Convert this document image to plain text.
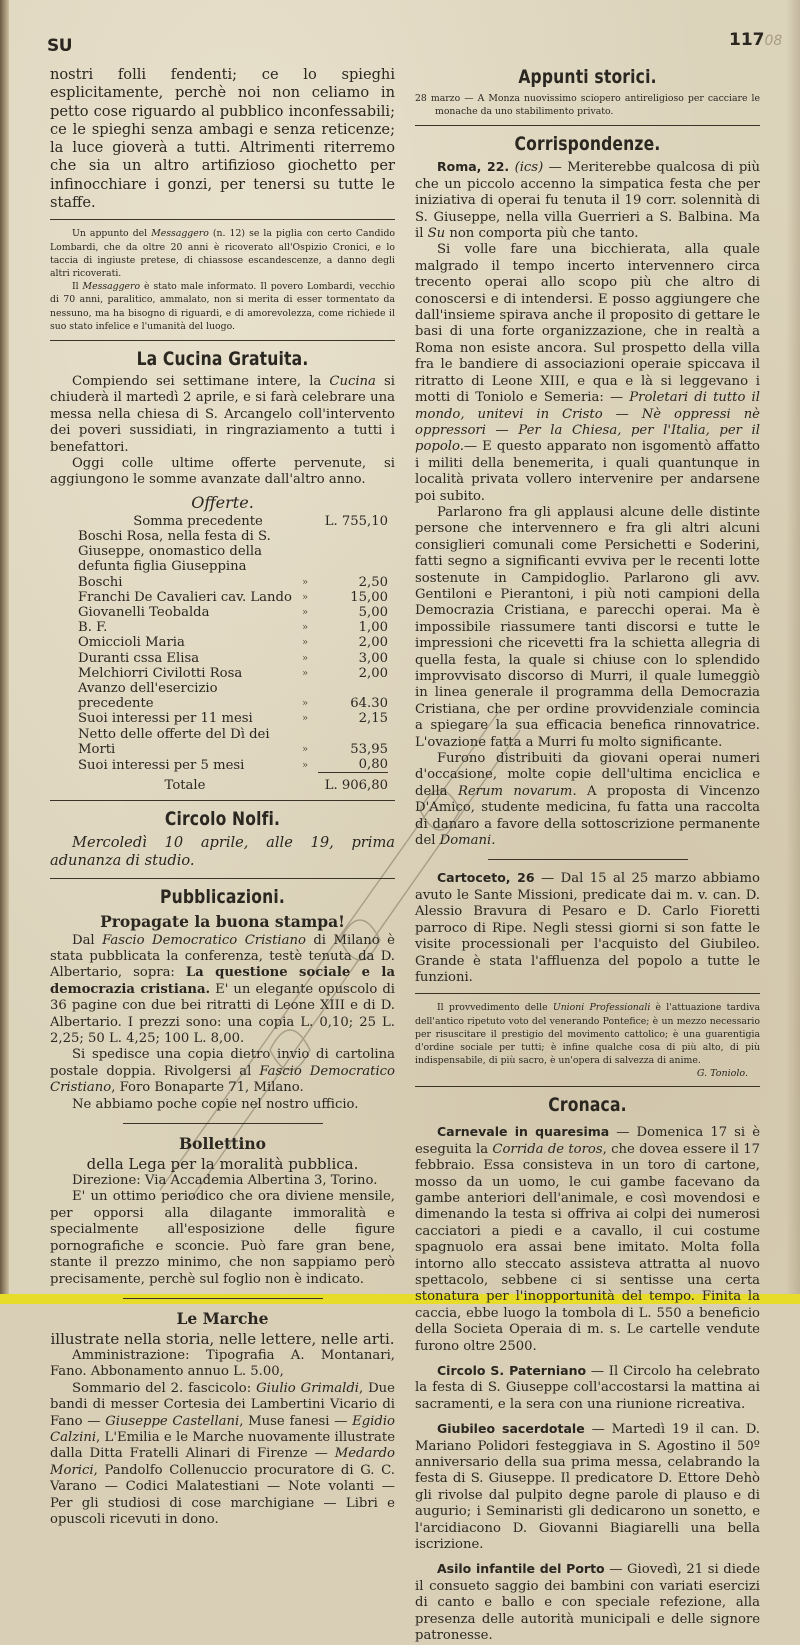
SU	11708

nostri folli fendenti; ce lo spieghi esplicitamente, perchè noi non celiamo in petto cose riguardo al pubblico inconfessabili; ce le spieghi senza ambagi e senza reticenze; la luce gioverà a tutti. Altrimenti riterremo che sia un altro artifizioso giochetto per infinocchiare i gonzi, per tenersi su tutte le staffe.

Un appunto del Messaggero (n. 12) se la piglia con certo Candido Lombardi, che da oltre 20 anni è ricoverato all'Ospizio Cronici, e lo taccia di ingiuste pretese, di chiassose escandescenze, a danno degli altri ricoverati.

Il Messaggero è stato male informato. Il povero Lombardi, vecchio di 70 anni, paralitico, ammalato, non si merita di esser tormentato da nessuno, ma ha bisogno di riguardi, e di amorevolezza, come richiede il suo stato infelice e l'umanità del luogo.

La Cucina Gratuita.

Compiendo sei settimane intere, la Cucina si chiuderà il martedì 2 aprile, e si farà celebrare una messa nella chiesa di S. Arcangelo coll'intervento dei poveri sussidiati, in ringraziamento a tutti i benefattori.

Oggi colle ultime offerte pervenute, si aggiungono le somme avanzate dall'altro anno.

Offerte.
Somma precedente		L. 755,10
Boschi Rosa, nella festa di S. Giuseppe, onomastico della defunta figlia Giuseppina Boschi	»	2,50
Franchi De Cavalieri cav. Lando	»	15,00
Giovanelli Teobalda	»	5,00
B. F.	»	1,00
Omiccioli Maria	»	2,00
Duranti cssa Elisa	»	3,00
Melchiorri Civilotti Rosa	»	2,00
Avanzo dell'esercizio precedente	»	64.30
Suoi interessi per 11 mesi	»	2,15
Netto delle offerte del Dì dei Morti	»	53,95
Suoi interessi per 5 mesi	»	0,80
Totale		L. 906,80
Circolo Nolfi.

Mercoledì 10 aprile, alle 19, prima adunanza di studio.

Pubblicazioni.
Propagate la buona stampa!

Dal Fascio Democratico Cristiano di Milano è stata pubblicata la conferenza, testè tenuta da D. Albertario, sopra: La questione sociale e la democrazia cristiana. E' un elegante opuscolo di 36 pagine con due bei ritratti di Leone XIII e di D. Albertario. I prezzi sono: una copia L. 0,10; 25 L. 2,25; 50 L. 4,25; 100 L. 8,00.

Si spedisce una copia dietro invio di cartolina postale doppia. Rivolgersi al Fascio Democratico Cristiano, Foro Bonaparte 71, Milano.

Ne abbiamo poche copie nel nostro ufficio.

Bollettino
della Lega per la moralità pubblica.

Direzione: Via Accademia Albertina 3, Torino.

E' un ottimo periodico che ora diviene mensile, per opporsi alla dilagante immoralità e specialmente all'esposizione delle figure pornografiche e sconcie. Può fare gran bene, stante il prezzo minimo, che non sappiamo però precisamente, perchè sul foglio non è indicato.

Le Marche
illustrate nella storia, nelle lettere, nelle arti.

Amministrazione: Tipografia A. Montanari, Fano. Abbonamento annuo L. 5.00,

Sommario del 2. fascicolo: Giulio Grimaldi, Due bandi di messer Cortesia dei Lambertini Vicario di Fano — Giuseppe Castellani, Muse fanesi — Egidio Calzini, L'Emilia e le Marche nuovamente illustrate dalla Ditta Fratelli Alinari di Firenze — Medardo Morici, Pandolfo Collenuccio procuratore di G. C. Varano — Codici Malatestiani — Note volanti — Per gli studiosi di cose marchigiane — Libri e opuscoli ricevuti in dono.

Appunti storici.

28 marzo — A Monza nuovissimo sciopero antireligioso per cacciare le monache da uno stabilimento privato.

Corrispondenze.

Roma, 22. (ics) — Meriterebbe qualcosa di più che un piccolo accenno la simpatica festa che per iniziativa di operai fu tenuta il 19 corr. solennità di S. Giuseppe, nella villa Guerrieri a S. Balbina. Ma il Su non comporta più che tanto.

Si volle fare una bicchierata, alla quale malgrado il tempo incerto intervennero circa trecento operai allo scopo più che altro di conoscersi e di intendersi. E posso aggiungere che dall'insieme spirava anche il proposito di gettare le basi di una forte organizzazione, che in realtà a Roma non esiste ancora. Sul prospetto della villa fra le bandiere di associazioni operaie spiccava il ritratto di Leone XIII, e qua e là si leggevano i motti di Toniolo e Semeria: — Proletari di tutto il mondo, unitevi in Cristo — Nè oppressi nè oppressori — Per la Chiesa, per l'Italia, per il popolo.— E questo apparato non isgomentò affatto i militi della benemerita, i quali quantunque in località privata vollero intervenire per andarsene poi subito.

Parlarono fra gli applausi alcune delle distinte persone che intervennero e fra gli altri alcuni consiglieri comunali come Persichetti e Soderini, fatti segno a significanti evviva per le recenti lotte sostenute in Campidoglio. Parlarono gli avv. Gentiloni e Pierantoni, i più noti campioni della Democrazia Cristiana, e parecchi operai. Ma è impossibile riassumere tanti discorsi e tutte le impressioni che ricevetti fra la schietta allegria di quella festa, la quale si chiuse con lo splendido improvvisato discorso di Murri, il quale lumeggiò in linea generale il programma della Democrazia Cristiana, che per ordine provvidenziale comincia a spiegare la sua efficacia benefica rinnovatrice. L'ovazione fatta a Murri fu molto significante.

Furono distribuiti da giovani operai numeri d'occasione, molte copie dell'ultima enciclica e della Rerum novarum. A proposta di Vincenzo D'Amico, studente medicina, fu fatta una raccolta di danaro a favore della sottoscrizione permanente del Domani.

Cartoceto, 26 — Dal 15 al 25 marzo abbiamo avuto le Sante Missioni, predicate dai m. v. can. D. Alessio Bravura di Pesaro e D. Carlo Fioretti parroco di Ripe. Negli stessi giorni si son fatte le visite processionali per l'acquisto del Giubileo. Grande è stata l'affluenza del popolo a tutte le funzioni.

Il provvedimento delle Unioni Professionali è l'attuazione tardiva dell'antico ripetuto voto del venerando Pontefice; è un mezzo necessario per risuscitare il prestigio del movimento cattolico; è una guarentigia d'ordine sociale per tutti; è infine qualche cosa di più alto, di più indispensabile, di più sacro, è un'opera di salvezza di anime.

G. Toniolo.
Cronaca.

Carnevale in quaresima — Domenica 17 si è eseguita la Corrida de toros, che dovea essere il 17 febbraio. Essa consisteva in un toro di cartone, mosso da un uomo, le cui gambe facevano da gambe anteriori dell'animale, e così movendosi e dimenando la testa si offriva ai colpi dei numerosi cacciatori a piedi e a cavallo, il cui costume spagnuolo era assai bene imitato. Molta folla intorno allo steccato assisteva attratta al nuovo spettacolo, sebbene ci si sentisse una certa stonatura per l'inopportunità del tempo. Finita la caccia, ebbe luogo la tombola di L. 550 a beneficio della Societa Operaia di m. s. Le cartelle vendute furono oltre 2500.

Circolo S. Paterniano — Il Circolo ha celebrato la festa di S. Giuseppe coll'accostarsi la mattina ai sacramenti, e la sera con una riunione ricreativa.

Giubileo sacerdotale — Martedì 19 il can. D. Mariano Polidori festeggiava in S. Agostino il 50º anniversario della sua prima messa, celabrando la festa di S. Giuseppe. Il predicatore D. Ettore Dehò gli rivolse dal pulpito degne parole di plauso e di augurio; i Seminaristi gli dedicarono un sonetto, e l'arcidiacono D. Giovanni Biagiarelli una bella iscrizione.

Asilo infantile del Porto — Giovedì, 21 si diede il consueto saggio dei bambini con variati esercizi di canto e ballo e con speciale refezione, alla presenza delle autorità municipali e delle signore patronesse.
